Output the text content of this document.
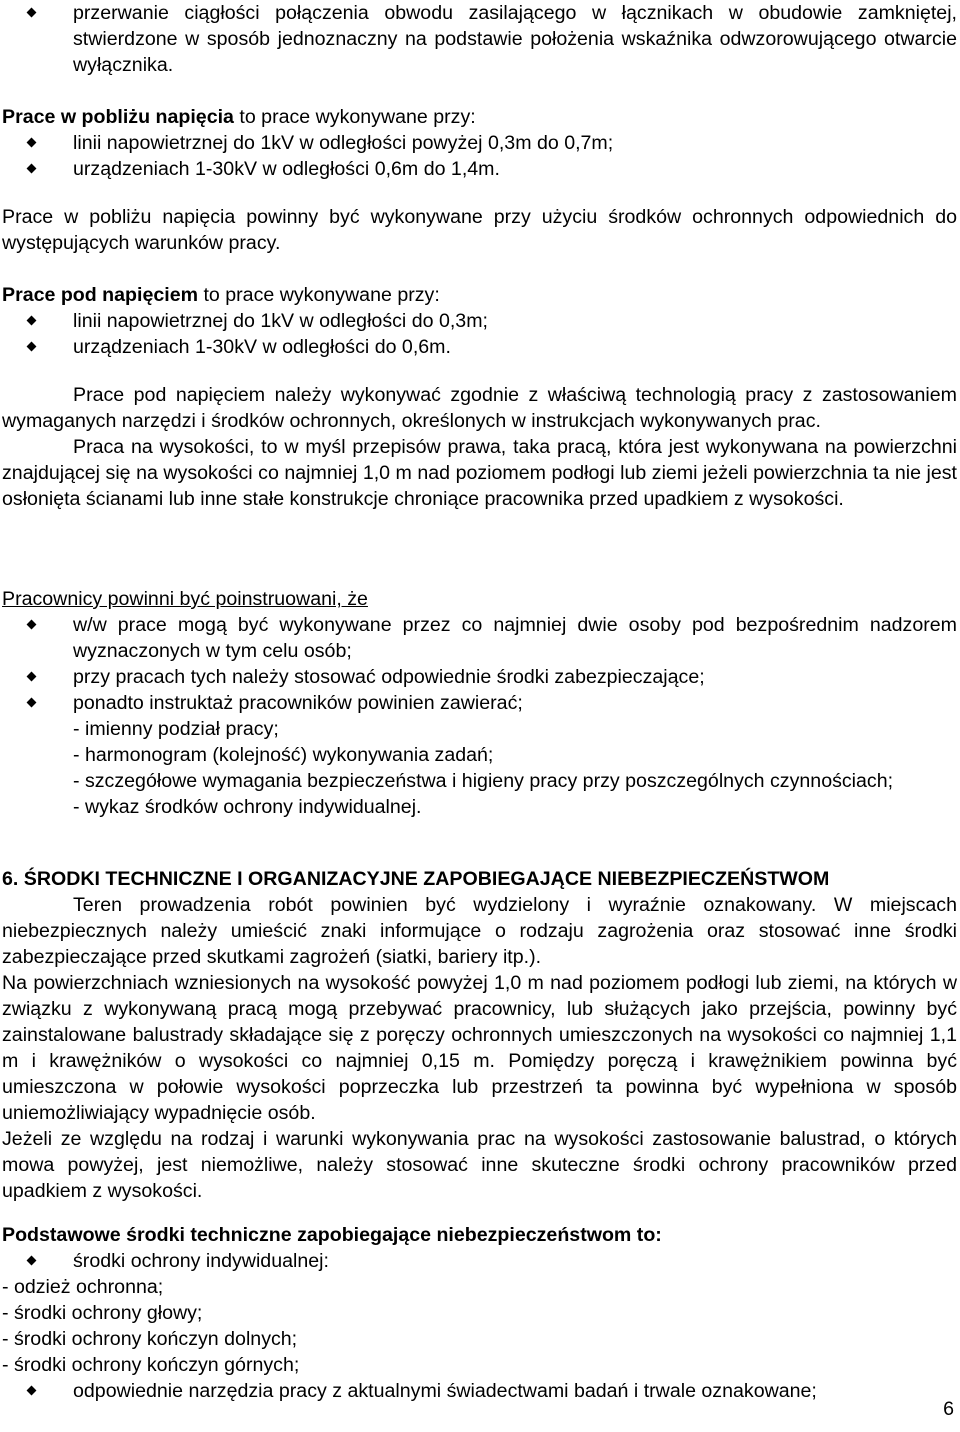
przerwanie ciągłości połączenia obwodu zasilającego w łącznikach w obudowie zamkniętej, stwierdzone w sposób jednoznaczny na podstawie położenia wskaźnika odwzorowującego otwarcie wyłącznika.

Prace w pobliżu napięcia to prace wykonywane przy:

linii napowietrznej do 1kV w odległości powyżej 0,3m do 0,7m;

urządzeniach 1-30kV w odległości 0,6m do 1,4m.

Prace w pobliżu napięcia powinny być wykonywane przy użyciu środków ochronnych odpowiednich do występujących warunków pracy.

Prace pod napięciem to prace wykonywane przy:

linii napowietrznej do 1kV w odległości do 0,3m;

urządzeniach 1-30kV w odległości do 0,6m.

Prace pod napięciem należy wykonywać zgodnie z właściwą technologią pracy z zastosowaniem wymaganych narzędzi i środków ochronnych, określonych w instrukcjach wykonywanych prac.

Praca na wysokości, to w myśl przepisów prawa, taka pracą, która jest wykonywana na powierzchni znajdującej się na wysokości co najmniej 1,0 m nad poziomem podłogi lub ziemi jeżeli powierzchnia ta nie jest osłonięta ścianami lub inne stałe konstrukcje chroniące pracownika przed upadkiem z wysokości.

Pracownicy powinni być poinstruowani, że

w/w prace mogą być wykonywane przez co najmniej dwie osoby pod bezpośrednim nadzorem wyznaczonych w tym celu osób;

przy pracach tych należy stosować odpowiednie środki zabezpieczające;

ponadto instruktaż pracowników powinien zawierać;

- imienny podział pracy;

- harmonogram (kolejność) wykonywania zadań;

- szczegółowe wymagania bezpieczeństwa i higieny pracy przy poszczególnych czynnościach;

- wykaz środków ochrony indywidualnej.

6. ŚRODKI TECHNICZNE I ORGANIZACYJNE ZAPOBIEGAJĄCE NIEBEZPIECZEŃSTWOM

Teren prowadzenia robót powinien być wydzielony i wyraźnie oznakowany. W miejscach niebezpiecznych należy umieścić znaki informujące o rodzaju zagrożenia oraz stosować inne środki zabezpieczające przed skutkami zagrożeń (siatki, bariery itp.).

Na powierzchniach wzniesionych na wysokość powyżej 1,0 m nad poziomem podłogi lub ziemi, na których w związku z wykonywaną pracą mogą przebywać pracownicy, lub służących jako przejścia, powinny być zainstalowane balustrady składające się z poręczy ochronnych umieszczonych na wysokości co najmniej 1,1 m i krawężników o wysokości co najmniej 0,15 m. Pomiędzy poręczą i krawężnikiem powinna być umieszczona w połowie wysokości poprzeczka lub przestrzeń ta powinna być wypełniona w sposób uniemożliwiający wypadnięcie osób.

Jeżeli ze względu na rodzaj i warunki wykonywania prac na wysokości zastosowanie balustrad, o których mowa powyżej, jest niemożliwe, należy stosować inne skuteczne środki ochrony pracowników przed upadkiem z wysokości.

Podstawowe środki techniczne zapobiegające niebezpieczeństwom to:

środki ochrony indywidualnej:

- odzież ochronna;

- środki ochrony głowy;

- środki ochrony kończyn dolnych;

- środki ochrony kończyn górnych;

odpowiednie narzędzia pracy z aktualnymi świadectwami badań i trwale oznakowane;

6
